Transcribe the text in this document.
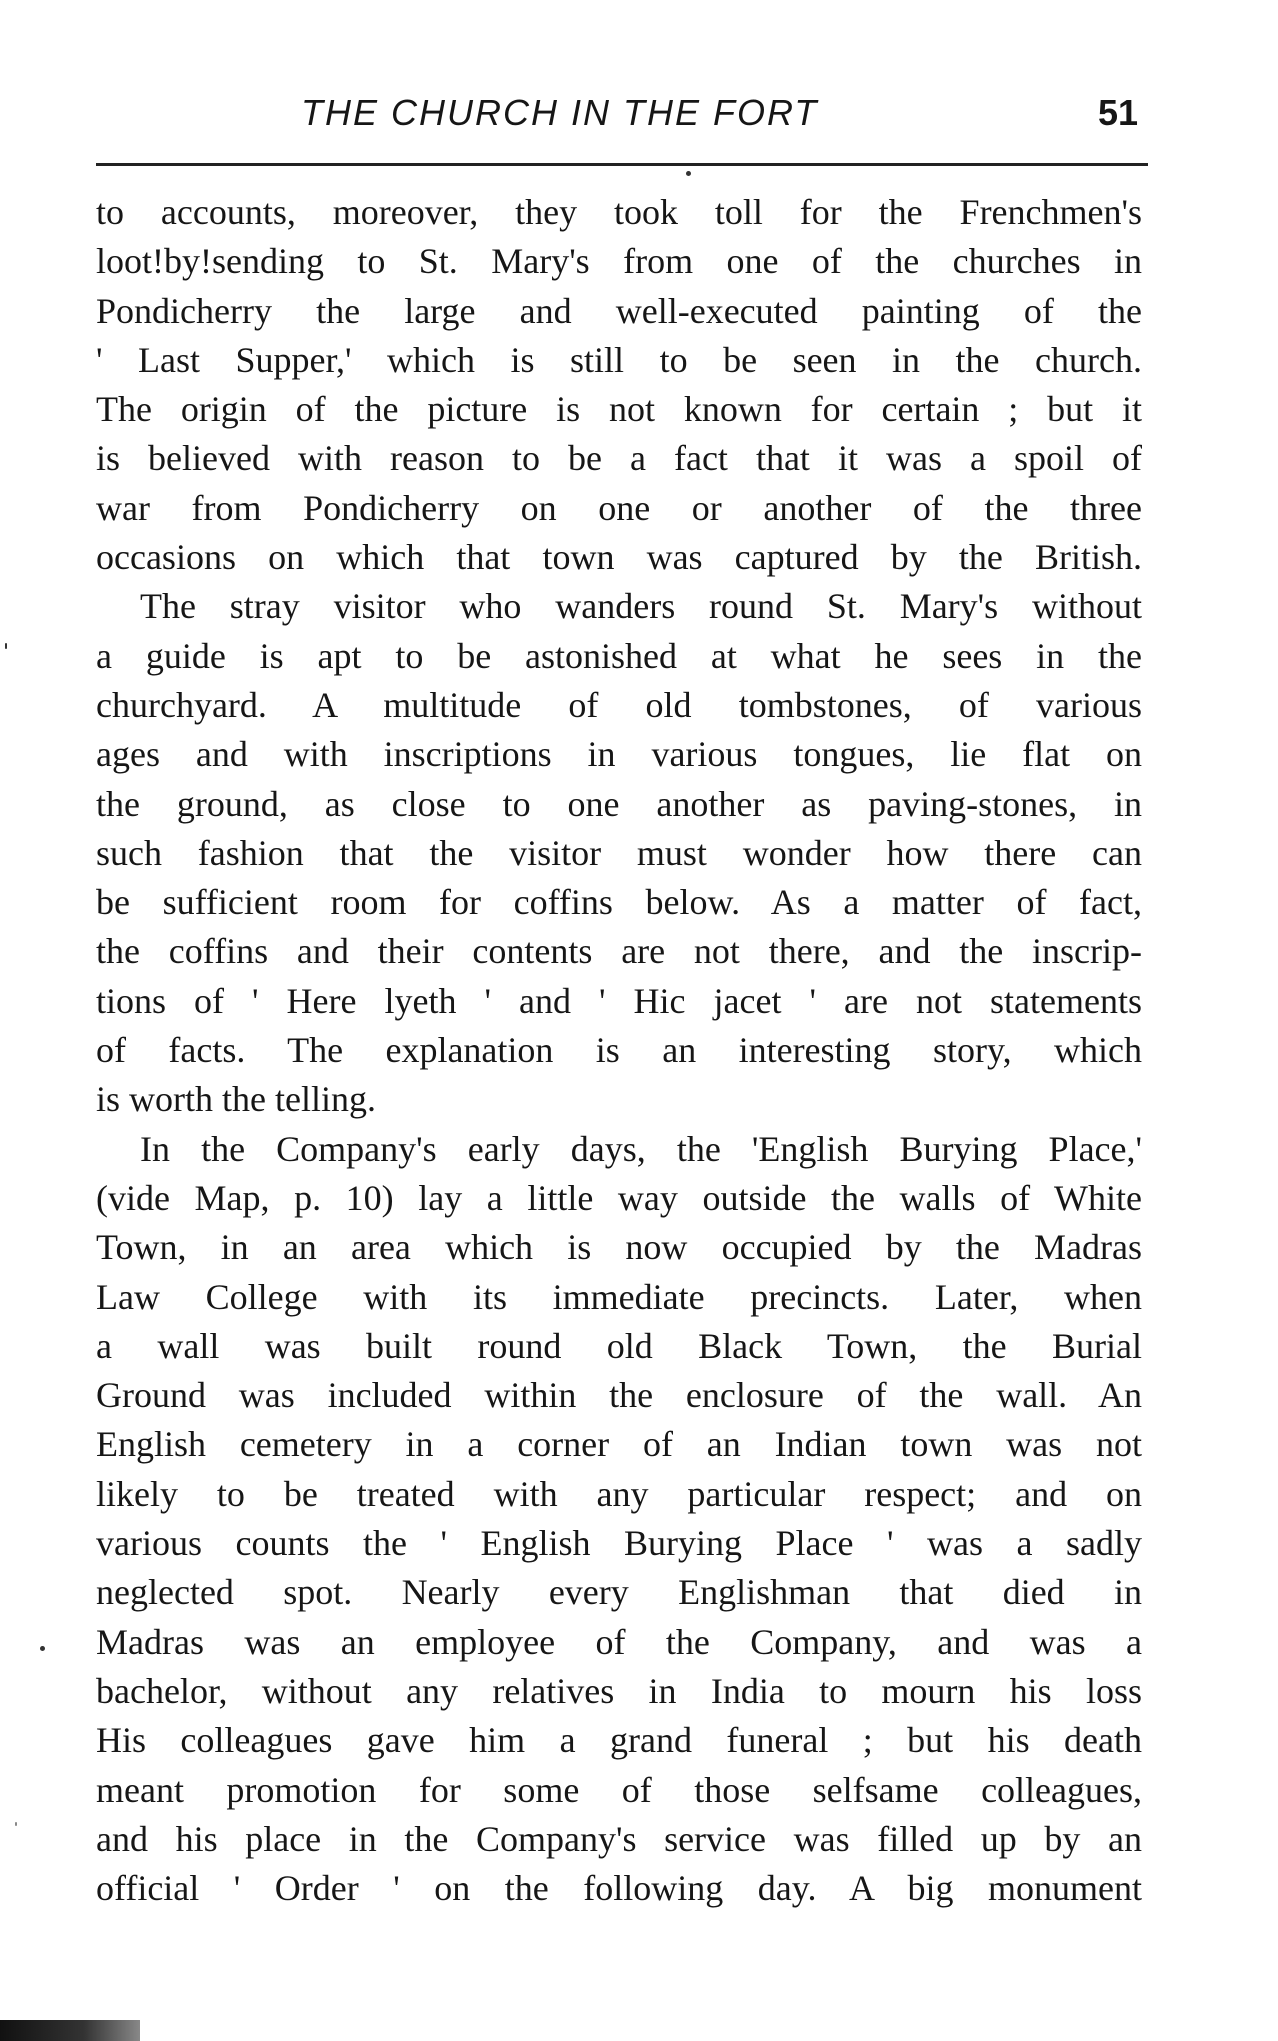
THE CHURCH IN THE FORT	51
to accounts, moreover, they took toll for the Frenchmen's
loot!by!sending to St. Mary's from one of the churches in
Pondicherry the large and well-executed painting of the
' Last Supper,' which is still to be seen in the church.
The origin of the picture is not known for certain ; but it
is believed with reason to be a fact that it was a spoil of
war from Pondicherry on one or another of the three
occasions on which that town was captured by the British.
The stray visitor who wanders round St. Mary's without
a guide is apt to be astonished at what he sees in the
churchyard. A multitude of old tombstones, of various
ages and with inscriptions in various tongues, lie flat on
the ground, as close to one another as paving-stones, in
such fashion that the visitor must wonder how there can
be sufficient room for coffins below. As a matter of fact,
the coffins and their contents are not there, and the inscrip-
tions of ' Here lyeth ' and ' Hic jacet ' are not statements
of facts. The explanation is an interesting story, which
is worth the telling.
In the Company's early days, the 'English Burying Place,'
(vide Map, p. 10) lay a little way outside the walls of White
Town, in an area which is now occupied by the Madras
Law College with its immediate precincts. Later, when
a wall was built round old Black Town, the Burial
Ground was included within the enclosure of the wall. An
English cemetery in a corner of an Indian town was not
likely to be treated with any particular respect; and on
various counts the ' English Burying Place ' was a sadly
neglected spot. Nearly every Englishman that died in
Madras was an employee of the Company, and was a
bachelor, without any relatives in India to mourn his loss
His colleagues gave him a grand funeral ; but his death
meant promotion for some of those selfsame colleagues,
and his place in the Company's service was filled up by an
official ' Order ' on the following day. A big monument
